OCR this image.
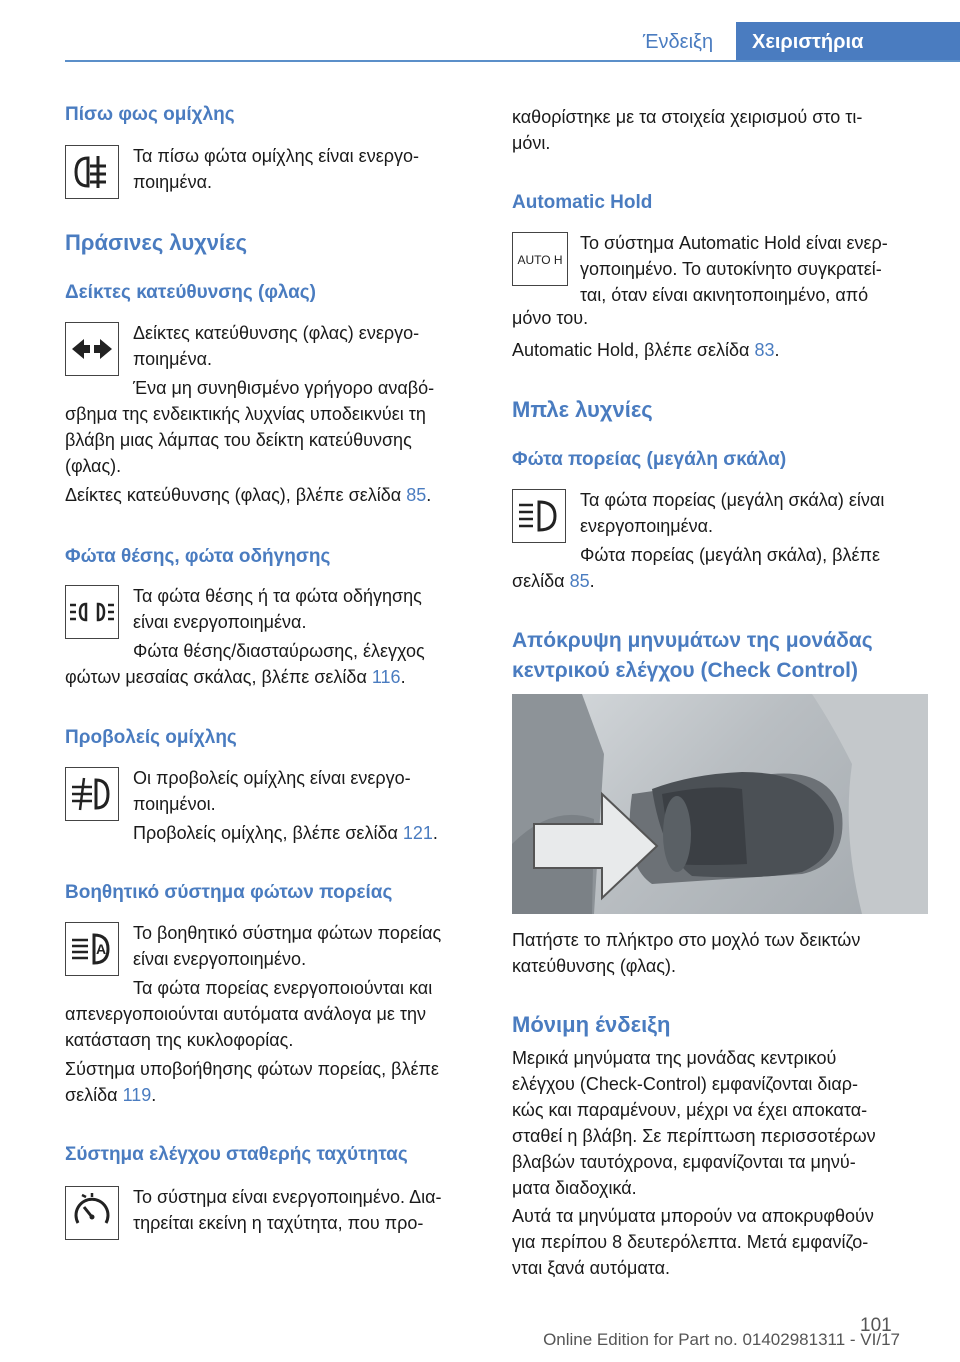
Ένδειξη	Χειριστήρια
Πίσω φως ομίχλης
Τα πίσω φώτα ομίχλης είναι ενεργο-
ποιημένα.
Πράσινες λυχνίες
Δείκτες κατεύθυνσης (φλας)
Δείκτες κατεύθυνσης (φλας) ενεργο-
ποιημένα.
Ένα μη συνηθισμένο γρήγορο αναβό-
σβημα της ενδεικτικής λυχνίας υποδεικνύει τη
βλάβη μιας λάμπας του δείκτη κατεύθυνσης
(φλας).
Δείκτες κατεύθυνσης (φλας), βλέπε σελίδα 85.
Φώτα θέσης, φώτα οδήγησης
Τα φώτα θέσης ή τα φώτα οδήγησης
είναι ενεργοποιημένα.
Φώτα θέσης/διασταύρωσης, έλεγχος
φώτων μεσαίας σκάλας, βλέπε σελίδα 116.
Προβολείς ομίχλης
Οι προβολείς ομίχλης είναι ενεργο-
ποιημένοι.
Προβολείς ομίχλης, βλέπε σελίδα 121.
Βοηθητικό σύστημα φώτων πορείας
A
Το βοηθητικό σύστημα φώτων πορείας
είναι ενεργοποιημένο.
Τα φώτα πορείας ενεργοποιούνται και
απενεργοποιούνται αυτόματα ανάλογα με την
κατάσταση της κυκλοφορίας.
Σύστημα υποβοήθησης φώτων πορείας, βλέπε
σελίδα 119.
Σύστημα ελέγχου σταθερής ταχύτητας
Το σύστημα είναι ενεργοποιημένο. Δια-
τηρείται εκείνη η ταχύτητα, που προ-
καθορίστηκε με τα στοιχεία χειρισμού στο τι-
μόνι.
Automatic Hold
AUTO H
Το σύστημα Automatic Hold είναι ενερ-
γοποιημένο. Το αυτοκίνητο συγκρατεί-
ται, όταν είναι ακινητοποιημένο, από
μόνο του.
Automatic Hold, βλέπε σελίδα 83.
Μπλε λυχνίες
Φώτα πορείας (μεγάλη σκάλα)
Τα φώτα πορείας (μεγάλη σκάλα) είναι
ενεργοποιημένα.
Φώτα πορείας (μεγάλη σκάλα), βλέπε
σελίδα 85.
Απόκρυψη μηνυμάτων της μονάδας
κεντρικού ελέγχου (Check Control)
Πατήστε το πλήκτρο στο μοχλό των δεικτών
κατεύθυνσης (φλας).
Μόνιμη ένδειξη
Μερικά μηνύματα της μονάδας κεντρικού
ελέγχου (Check-Control) εμφανίζονται διαρ-
κώς και παραμένουν, μέχρι να έχει αποκατα-
σταθεί η βλάβη. Σε περίπτωση περισσοτέρων
βλαβών ταυτόχρονα, εμφανίζονται τα μηνύ-
ματα διαδοχικά.
Αυτά τα μηνύματα μπορούν να αποκρυφθούν
για περίπου 8 δευτερόλεπτα. Μετά εμφανίζο-
νται ξανά αυτόματα.
101
Online Edition for Part no. 01402981311 - VI/17
